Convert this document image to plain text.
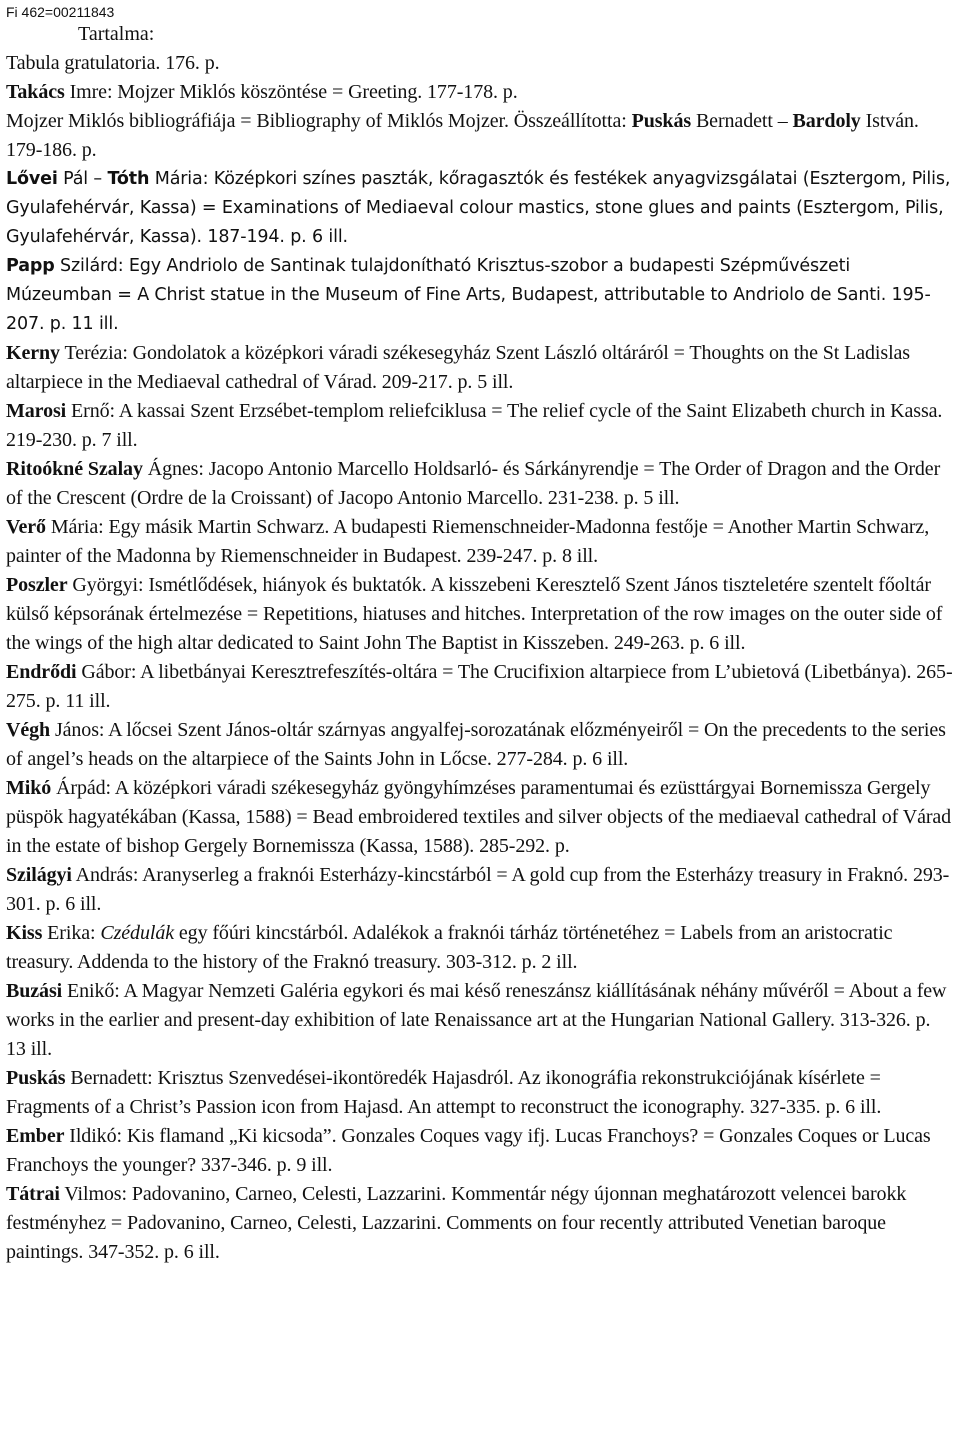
Fi 462=00211843
Tartalma:

Tabula gratulatoria. 176. p.

Takács Imre: Mojzer Miklós köszöntése = Greeting. 177-178. p.

Mojzer Miklós bibliográfiája = Bibliography of Miklós Mojzer. Összeállította: Puskás Bernadett – Bardoly István. 179-186. p.

Lővei Pál – Tóth Mária: Középkori színes paszták, kőragasztók és festékek anyagvizsgálatai (Esztergom, Pilis, Gyulafehérvár, Kassa) = Examinations of Mediaeval colour mastics, stone glues and paints (Esztergom, Pilis, Gyulafehérvár, Kassa). 187-194. p. 6 ill.

Papp Szilárd: Egy Andriolo de Santinak tulajdonítható Krisztus-szobor a budapesti Szépművészeti Múzeumban = A Christ statue in the Museum of Fine Arts, Budapest, attributable to Andriolo de Santi. 195-207. p. 11 ill.

Kerny Terézia: Gondolatok a középkori váradi székesegyház Szent László oltáráról = Thoughts on the St Ladislas altarpiece in the Mediaeval cathedral of Várad. 209-217. p. 5 ill.

Marosi Ernő: A kassai Szent Erzsébet-templom reliefciklusa = The relief cycle of the Saint Elizabeth church in Kassa. 219-230. p. 7 ill.

Ritoókné Szalay Ágnes: Jacopo Antonio Marcello Holdsarló- és Sárkányrendje = The Order of Dragon and the Order of the Crescent (Ordre de la Croissant) of Jacopo Antonio Marcello. 231-238. p. 5 ill.

Verő Mária: Egy másik Martin Schwarz. A budapesti Riemenschneider-Madonna festője = Another Martin Schwarz, painter of the Madonna by Riemenschneider in Budapest. 239-247. p. 8 ill.

Poszler Györgyi: Ismétlődések, hiányok és buktatók. A kisszebeni Keresztelő Szent János tiszteletére szentelt főoltár külső képsorának értelmezése = Repetitions, hiatuses and hitches. Interpretation of the row images on the outer side of the wings of the high altar dedicated to Saint John The Baptist in Kisszeben. 249-263. p. 6 ill.

Endrődi Gábor: A libetbányai Keresztrefeszítés-oltára = The Crucifixion altarpiece from L’ubietová (Libetbánya). 265-275. p. 11 ill.

Végh János: A lőcsei Szent János-oltár szárnyas angyalfej-sorozatának előzményeiről = On the precedents to the series of angel’s heads on the altarpiece of the Saints John in Lőcse. 277-284. p. 6 ill.

Mikó Árpád: A középkori váradi székesegyház gyöngyhímzéses paramentumai és ezüsttárgyai Bornemissza Gergely püspök hagyatékában (Kassa, 1588) = Bead embroidered textiles and silver objects of the mediaeval cathedral of Várad in the estate of bishop Gergely Bornemissza (Kassa, 1588). 285-292. p.

Szilágyi András: Aranyserleg a fraknói Esterházy-kincstárból = A gold cup from the Esterházy treasury in Fraknó. 293-301. p. 6 ill.

Kiss Erika: Czédulák egy főúri kincstárból. Adalékok a fraknói tárház történetéhez = Labels from an aristocratic treasury. Addenda to the history of the Fraknó treasury. 303-312. p. 2 ill.

Buzási Enikő: A Magyar Nemzeti Galéria egykori és mai késő reneszánsz kiállításának néhány művéről = About a few works in the earlier and present-day exhibition of late Renaissance art at the Hungarian National Gallery. 313-326. p. 13 ill.

Puskás Bernadett: Krisztus Szenvedései-ikontöredék Hajasdról. Az ikonográfia rekonstrukciójának kísérlete = Fragments of a Christ’s Passion icon from Hajasd. An attempt to reconstruct the iconography. 327-335. p. 6 ill.

Ember Ildikó: Kis flamand „Ki kicsoda”. Gonzales Coques vagy ifj. Lucas Franchoys? = Gonzales Coques or Lucas Franchoys the younger? 337-346. p. 9 ill.

Tátrai Vilmos: Padovanino, Carneo, Celesti, Lazzarini. Kommentár négy újonnan meghatározott velencei barokk festményhez = Padovanino, Carneo, Celesti, Lazzarini. Comments on four recently attributed Venetian baroque paintings. 347-352. p. 6 ill.
